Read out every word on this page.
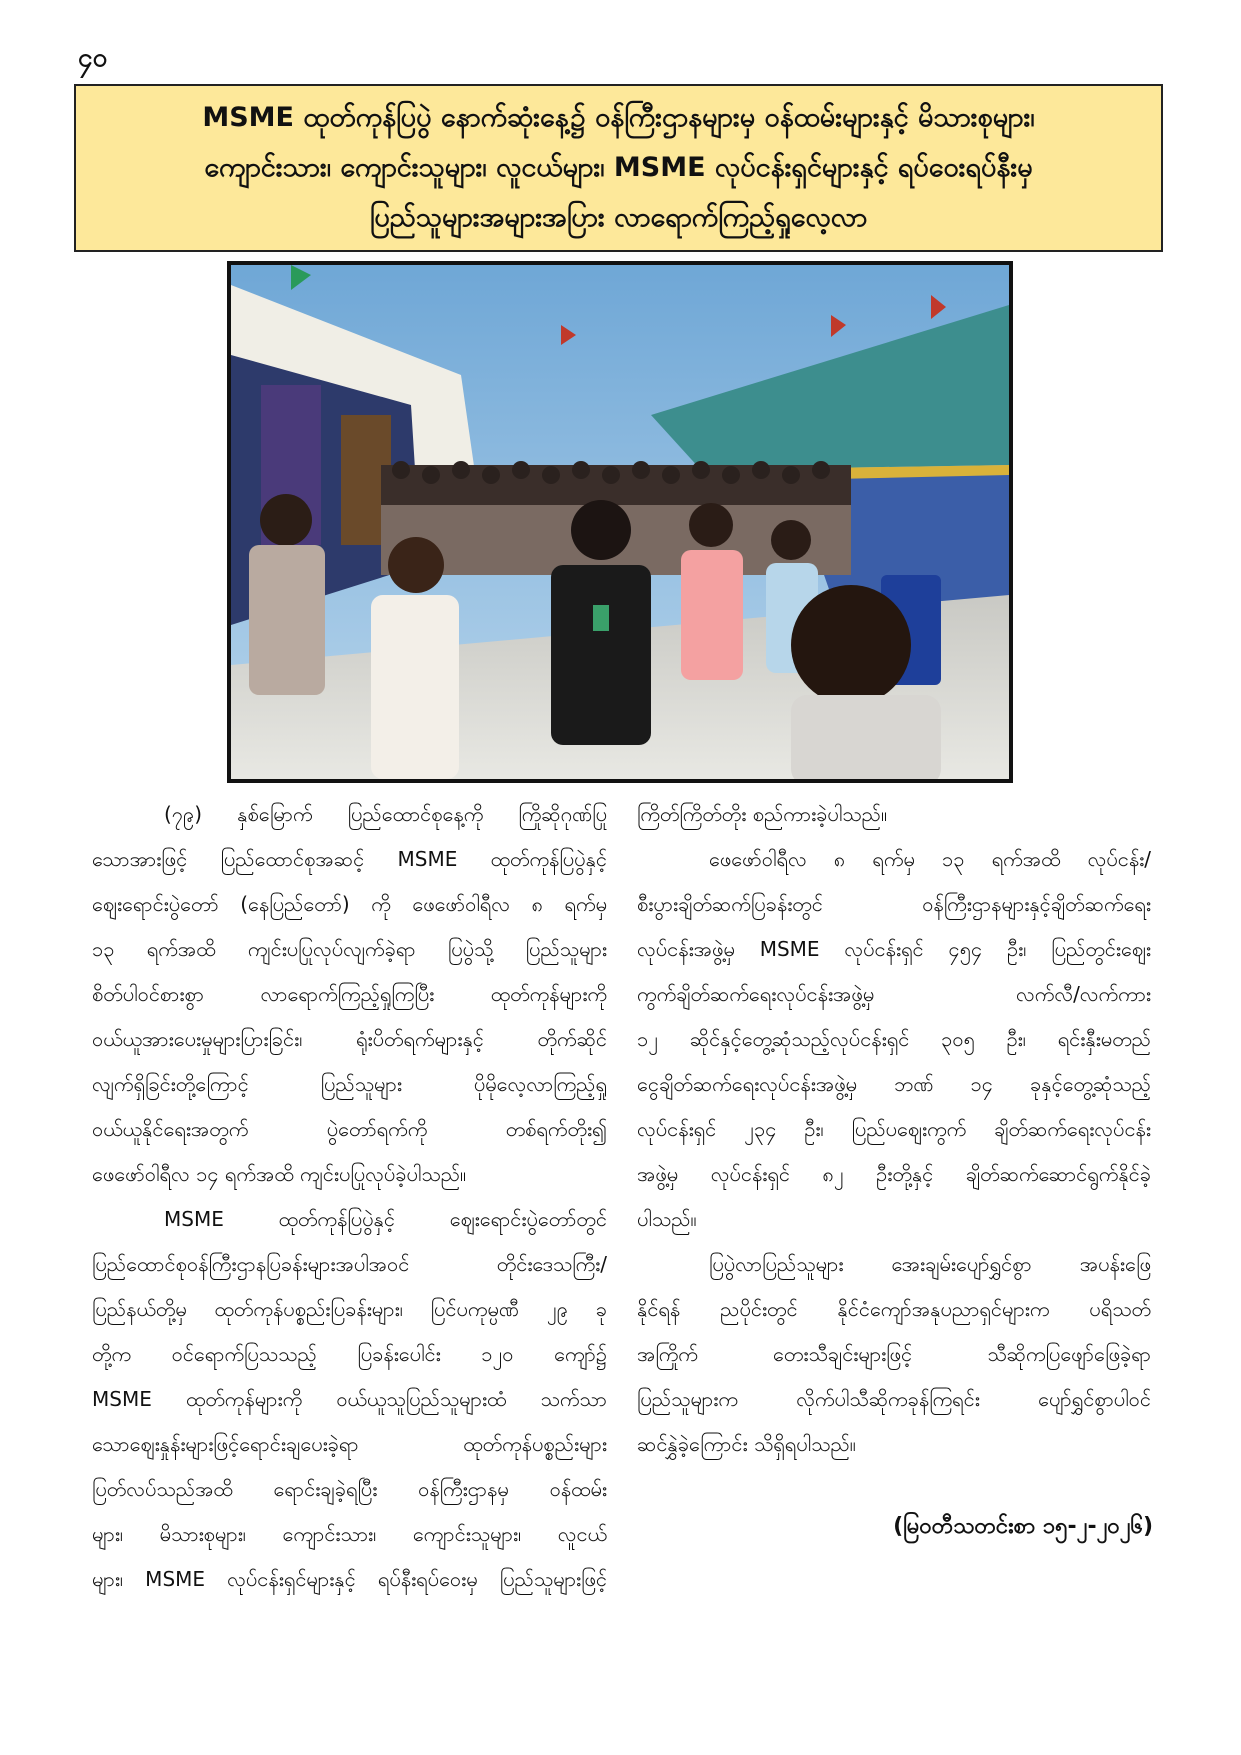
၄၀
MSME ထုတ်ကုန်ပြပွဲ နောက်ဆုံးနေ့၌ ဝန်ကြီးဌာနများမှ ဝန်ထမ်းများနှင့် မိသားစုများ၊
ကျောင်းသား၊ ကျောင်းသူများ၊ လူငယ်များ၊ MSME လုပ်ငန်းရှင်များနှင့် ရပ်ဝေးရပ်နီးမှ
ပြည်သူများအများအပြား လာရောက်ကြည့်ရှုလေ့လာ

(၇၉) နှစ်မြောက် ပြည်ထောင်စုနေ့ကို ကြိုဆိုဂုဏ်ပြု

သောအားဖြင့် ပြည်ထောင်စုအဆင့် MSME ထုတ်ကုန်ပြပွဲနှင့်

ဈေးရောင်းပွဲတော် (နေပြည်တော်) ကို ဖေဖော်ဝါရီလ ၈ ရက်မှ

၁၃ ရက်အထိ ကျင်းပပြုလုပ်လျက်ခဲ့ရာ ပြပွဲသို့ ပြည်သူများ

စိတ်ပါဝင်စားစွာ လာရောက်ကြည့်ရှုကြပြီး ထုတ်ကုန်များကို

ဝယ်ယူအားပေးမှုများပြားခြင်း၊ ရုံးပိတ်ရက်များနှင့် တိုက်ဆိုင်

လျက်ရှိခြင်းတို့ကြောင့် ပြည်သူများ ပိုမိုလေ့လာကြည့်ရှု

ဝယ်ယူနိုင်ရေးအတွက် ပွဲတော်ရက်ကို တစ်ရက်တိုး၍

ဖေဖော်ဝါရီလ ၁၄ ရက်အထိ ကျင်းပပြုလုပ်ခဲ့ပါသည်။

MSME ထုတ်ကုန်ပြပွဲနှင့် ဈေးရောင်းပွဲတော်တွင်

ပြည်ထောင်စုဝန်ကြီးဌာနပြခန်းများအပါအဝင် တိုင်းဒေသကြီး/

ပြည်နယ်တို့မှ ထုတ်ကုန်ပစ္စည်းပြခန်းများ၊ ပြင်ပကုမ္ပဏီ ၂၉ ခု

တို့က ဝင်ရောက်ပြသသည့် ပြခန်းပေါင်း ၁၂၀ ကျော်၌

MSME ထုတ်ကုန်များကို ဝယ်ယူသူပြည်သူများထံ သက်သာ

သောဈေးနှုန်းများဖြင့်ရောင်းချပေးခဲ့ရာ ထုတ်ကုန်ပစ္စည်းများ

ပြတ်လပ်သည်အထိ ရောင်းချခဲ့ရပြီး ဝန်ကြီးဌာနမှ ဝန်ထမ်း

များ၊ မိသားစုများ၊ ကျောင်းသား၊ ကျောင်းသူများ၊ လူငယ်

များ၊ MSME လုပ်ငန်းရှင်များနှင့် ရပ်နီးရပ်ဝေးမှ ပြည်သူများဖြင့်

ကြိတ်ကြိတ်တိုး စည်ကားခဲ့ပါသည်။

ဖေဖော်ဝါရီလ ၈ ရက်မှ ၁၃ ရက်အထိ လုပ်ငန်း/

စီးပွားချိတ်ဆက်ပြခန်းတွင် ဝန်ကြီးဌာနများနှင့်ချိတ်ဆက်ရေး

လုပ်ငန်းအဖွဲ့မှ MSME လုပ်ငန်းရှင် ၄၅၄ ဦး၊ ပြည်တွင်းဈေး

ကွက်ချိတ်ဆက်ရေးလုပ်ငန်းအဖွဲ့မှ လက်လီ/လက်ကား

၁၂ ဆိုင်နှင့်တွေ့ဆုံသည့်လုပ်ငန်းရှင် ၃၀၅ ဦး၊ ရင်းနှီးမတည်

ငွေချိတ်ဆက်ရေးလုပ်ငန်းအဖွဲ့မှ ဘဏ် ၁၄ ခုနှင့်တွေ့ဆုံသည့်

လုပ်ငန်းရှင် ၂၃၄ ဦး၊ ပြည်ပဈေးကွက် ချိတ်ဆက်ရေးလုပ်ငန်း

အဖွဲ့မှ လုပ်ငန်းရှင် ၈၂ ဦးတို့နှင့် ချိတ်ဆက်ဆောင်ရွက်နိုင်ခဲ့

ပါသည်။

ပြပွဲလာပြည်သူများ အေးချမ်းပျော်ရွှင်စွာ အပန်းဖြေ

နိုင်ရန် ညပိုင်းတွင် နိုင်ငံကျော်အနုပညာရှင်များက ပရိသတ်

အကြိုက် တေးသီချင်းများဖြင့် သီဆိုကပြဖျော်ဖြေခဲ့ရာ

ပြည်သူများက လိုက်ပါသီဆိုကခုန်ကြရင်း ပျော်ရွှင်စွာပါဝင်

ဆင်နွှဲခဲ့ကြောင်း သိရှိရပါသည်။

(မြဝတီသတင်းစာ ၁၅-၂-၂၀၂၆)
